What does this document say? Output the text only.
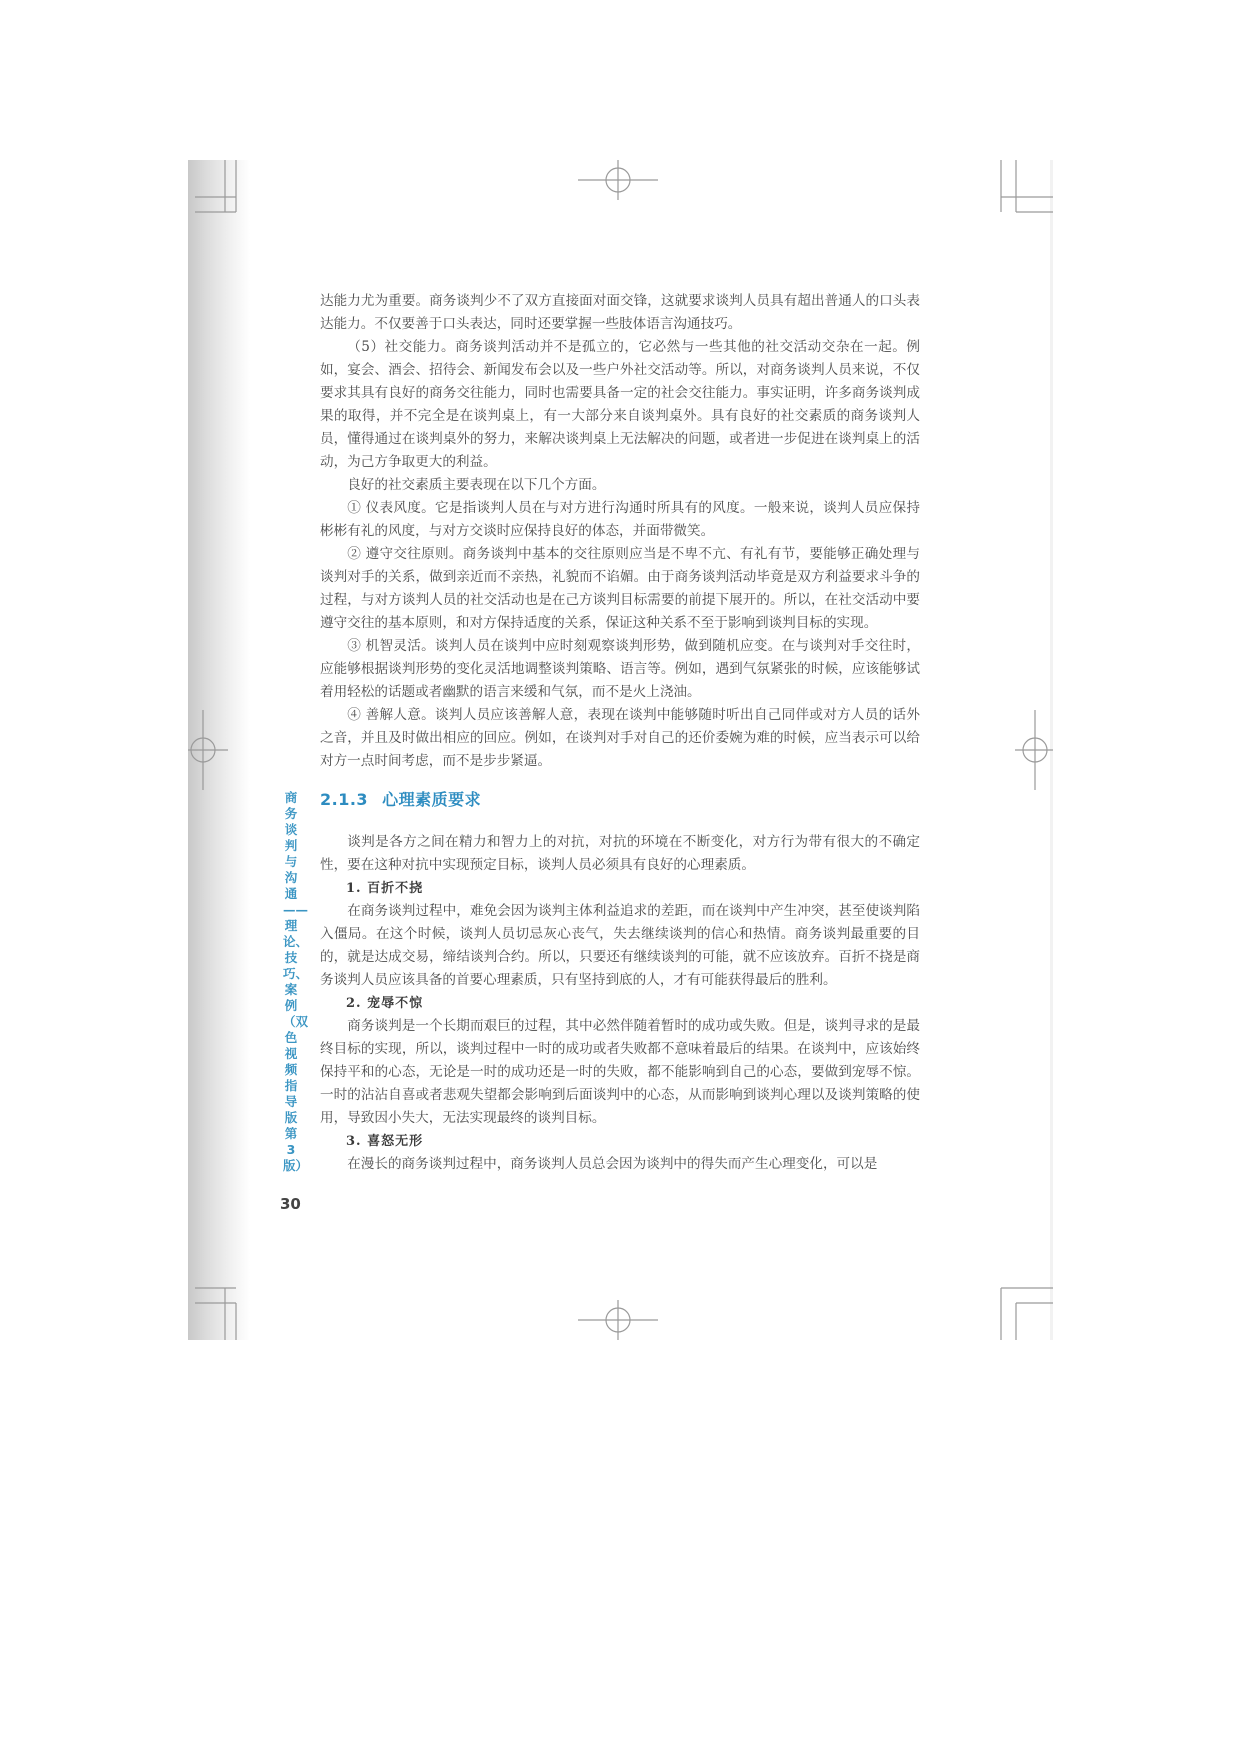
商务谈判与沟通——理论、技巧、案例（双色 视频指导版 第3版）
30

达能力尤为重要。商务谈判少不了双方直接面对面交锋，这就要求谈判人员具有超出普通人的口头表达能力。不仅要善于口头表达，同时还要掌握一些肢体语言沟通技巧。

（5）社交能力。商务谈判活动并不是孤立的，它必然与一些其他的社交活动交杂在一起。例如，宴会、酒会、招待会、新闻发布会以及一些户外社交活动等。所以，对商务谈判人员来说，不仅要求其具有良好的商务交往能力，同时也需要具备一定的社会交往能力。事实证明，许多商务谈判成果的取得，并不完全是在谈判桌上，有一大部分来自谈判桌外。具有良好的社交素质的商务谈判人员，懂得通过在谈判桌外的努力，来解决谈判桌上无法解决的问题，或者进一步促进在谈判桌上的活动，为己方争取更大的利益。

良好的社交素质主要表现在以下几个方面。

① 仪表风度。它是指谈判人员在与对方进行沟通时所具有的风度。一般来说，谈判人员应保持彬彬有礼的风度，与对方交谈时应保持良好的体态，并面带微笑。

② 遵守交往原则。商务谈判中基本的交往原则应当是不卑不亢、有礼有节，要能够正确处理与谈判对手的关系，做到亲近而不亲热，礼貌而不谄媚。由于商务谈判活动毕竟是双方利益要求斗争的过程，与对方谈判人员的社交活动也是在己方谈判目标需要的前提下展开的。所以，在社交活动中要遵守交往的基本原则，和对方保持适度的关系，保证这种关系不至于影响到谈判目标的实现。

③ 机智灵活。谈判人员在谈判中应时刻观察谈判形势，做到随机应变。在与谈判对手交往时，应能够根据谈判形势的变化灵活地调整谈判策略、语言等。例如，遇到气氛紧张的时候，应该能够试着用轻松的话题或者幽默的语言来缓和气氛，而不是火上浇油。

④ 善解人意。谈判人员应该善解人意，表现在谈判中能够随时听出自己同伴或对方人员的话外之音，并且及时做出相应的回应。例如，在谈判对手对自己的还价委婉为难的时候，应当表示可以给对方一点时间考虑，而不是步步紧逼。

2.1.3 心理素质要求

谈判是各方之间在精力和智力上的对抗，对抗的环境在不断变化，对方行为带有很大的不确定性，要在这种对抗中实现预定目标，谈判人员必须具有良好的心理素质。

1. 百折不挠

在商务谈判过程中，难免会因为谈判主体利益追求的差距，而在谈判中产生冲突，甚至使谈判陷入僵局。在这个时候，谈判人员切忌灰心丧气，失去继续谈判的信心和热情。商务谈判最重要的目的，就是达成交易，缔结谈判合约。所以，只要还有继续谈判的可能，就不应该放弃。百折不挠是商务谈判人员应该具备的首要心理素质，只有坚持到底的人，才有可能获得最后的胜利。

2. 宠辱不惊

商务谈判是一个长期而艰巨的过程，其中必然伴随着暂时的成功或失败。但是，谈判寻求的是最终目标的实现，所以，谈判过程中一时的成功或者失败都不意味着最后的结果。在谈判中，应该始终保持平和的心态，无论是一时的成功还是一时的失败，都不能影响到自己的心态，要做到宠辱不惊。一时的沾沾自喜或者悲观失望都会影响到后面谈判中的心态，从而影响到谈判心理以及谈判策略的使用，导致因小失大，无法实现最终的谈判目标。

3. 喜怒无形

在漫长的商务谈判过程中，商务谈判人员总会因为谈判中的得失而产生心理变化，可以是
